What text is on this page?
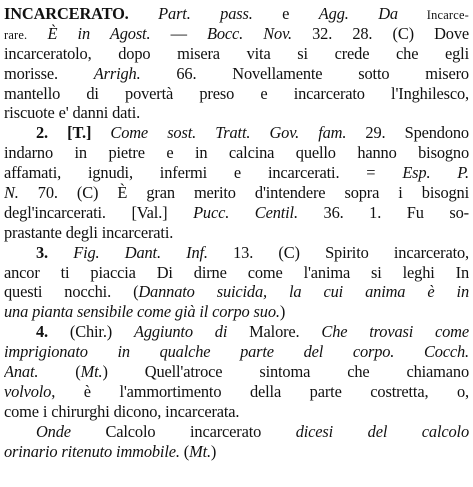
INCARCERATO. Part. pass. e Agg. Da Incarce-
rare. È in Agost. — Bocc. Nov. 32. 28. (C) Dove
incarceratolo, dopo misera vita si crede che egli
morisse. Arrigh. 66. Novellamente sotto misero
mantello di povertà preso e incarcerato l'Inghilesco,
riscuote e' danni dati.
2. [T.] Come sost. Tratt. Gov. fam. 29. Spendono
indarno in pietre e in calcina quello hanno bisogno
affamati, ignudi, infermi e incarcerati. = Esp. P.
N. 70. (C) È gran merito d'intendere sopra i bisogni
degl'incarcerati. [Val.] Pucc. Centil. 36. 1. Fu so-
prastante degli incarcerati.
3. Fig. Dant. Inf. 13. (C) Spirito incarcerato,
ancor ti piaccia Di dirne come l'anima si leghi In
questi nocchi. (Dannato suicida, la cui anima è in
una pianta sensibile come già il corpo suo.)
4. (Chir.) Aggiunto di Malore. Che trovasi come
imprigionato in qualche parte del corpo. Cocch.
Anat. (Mt.) Quell'atroce sintoma che chiamano
volvolo, è l'ammortimento della parte costretta, o,
come i chirurghi dicono, incarcerata.
Onde Calcolo incarcerato dicesi del calcolo
orinario ritenuto immobile. (Mt.)
